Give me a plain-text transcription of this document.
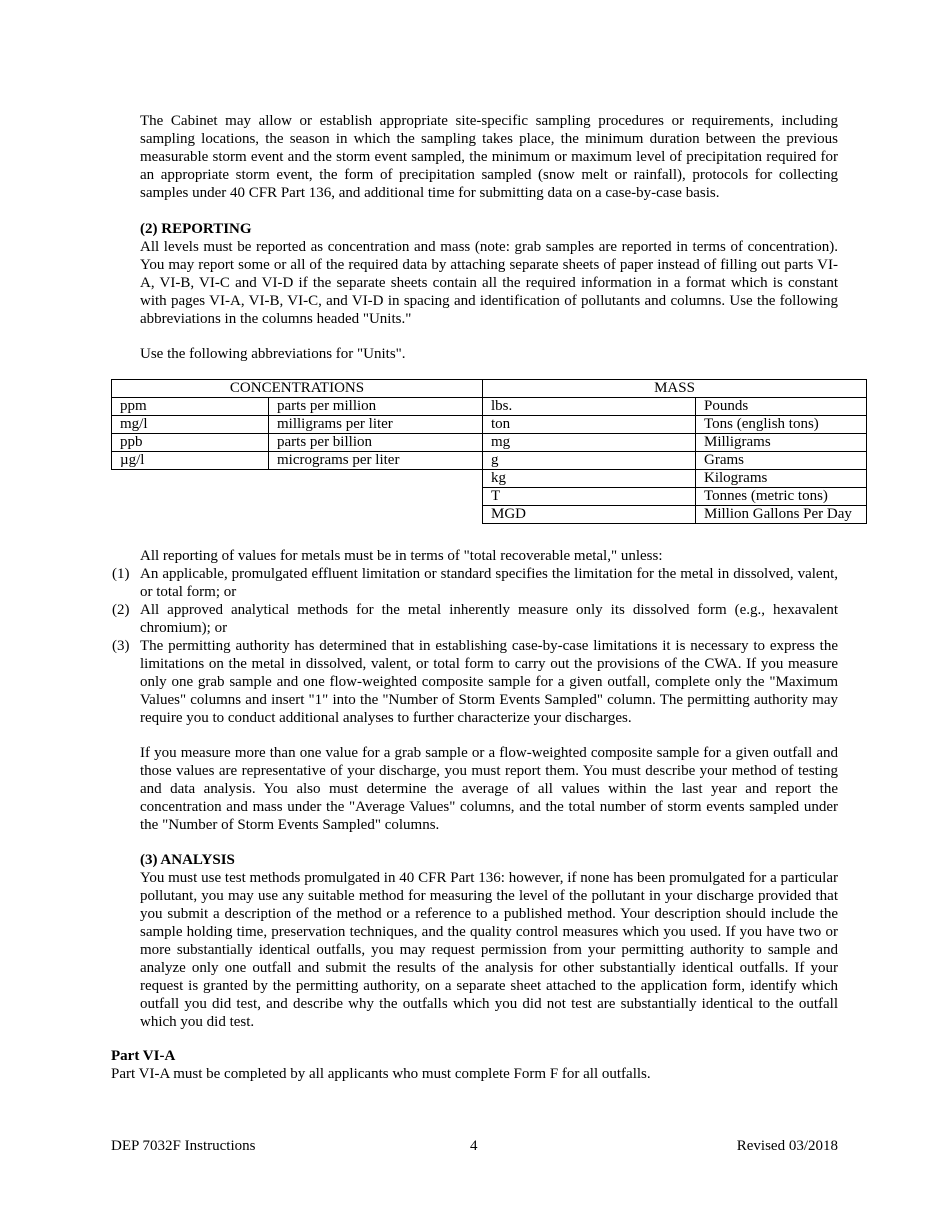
The Cabinet may allow or establish appropriate site-specific sampling procedures or requirements, including sampling locations, the season in which the sampling takes place, the minimum duration between the previous measurable storm event and the storm event sampled, the minimum or maximum level of precipitation required for an appropriate storm event, the form of precipitation sampled (snow melt or rainfall), protocols for collecting samples under 40 CFR Part 136, and additional time for submitting data on a case-by-case basis.

(2) REPORTING

All levels must be reported as concentration and mass (note: grab samples are reported in terms of concentration). You may report some or all of the required data by attaching separate sheets of paper instead of filling out parts VI-A, VI-B, VI-C and VI-D if the separate sheets contain all the required information in a format which is constant with pages VI-A, VI-B, VI-C, and VI-D in spacing and identification of pollutants and columns. Use the following abbreviations in the columns headed "Units."

Use the following abbreviations for "Units".

CONCENTRATIONS		MASS	
ppm	parts per million	lbs.	Pounds
mg/l	milligrams per liter	ton	Tons (english tons)
ppb	parts per billion	mg	Milligrams
µg/l	micrograms per liter	g	Grams
		kg	Kilograms
		T	Tonnes (metric tons)
		MGD	Million Gallons Per Day

All reporting of values for metals must be in terms of "total recoverable metal," unless:

(1) An applicable, promulgated effluent limitation or standard specifies the limitation for the metal in dissolved, valent, or total form; or
(2) All approved analytical methods for the metal inherently measure only its dissolved form (e.g., hexavalent chromium); or
(3) The permitting authority has determined that in establishing case-by-case limitations it is necessary to express the limitations on the metal in dissolved, valent, or total form to carry out the provisions of the CWA. If you measure only one grab sample and one flow-weighted composite sample for a given outfall, complete only the "Maximum Values" columns and insert "1" into the "Number of Storm Events Sampled" column. The permitting authority may require you to conduct additional analyses to further characterize your discharges.

If you measure more than one value for a grab sample or a flow-weighted composite sample for a given outfall and those values are representative of your discharge, you must report them. You must describe your method of testing and data analysis. You also must determine the average of all values within the last year and report the concentration and mass under the "Average Values" columns, and the total number of storm events sampled under the "Number of Storm Events Sampled" columns.

(3) ANALYSIS

You must use test methods promulgated in 40 CFR Part 136: however, if none has been promulgated for a particular pollutant, you may use any suitable method for measuring the level of the pollutant in your discharge provided that you submit a description of the method or a reference to a published method. Your description should include the sample holding time, preservation techniques, and the quality control measures which you used. If you have two or more substantially identical outfalls, you may request permission from your permitting authority to sample and analyze only one outfall and submit the results of the analysis for other substantially identical outfalls. If your request is granted by the permitting authority, on a separate sheet attached to the application form, identify which outfall you did test, and describe why the outfalls which you did not test are substantially identical to the outfall which you did test.

Part VI-A

Part VI-A must be completed by all applicants who must complete Form F for all outfalls.

DEP 7032F Instructions	4	Revised 03/2018
